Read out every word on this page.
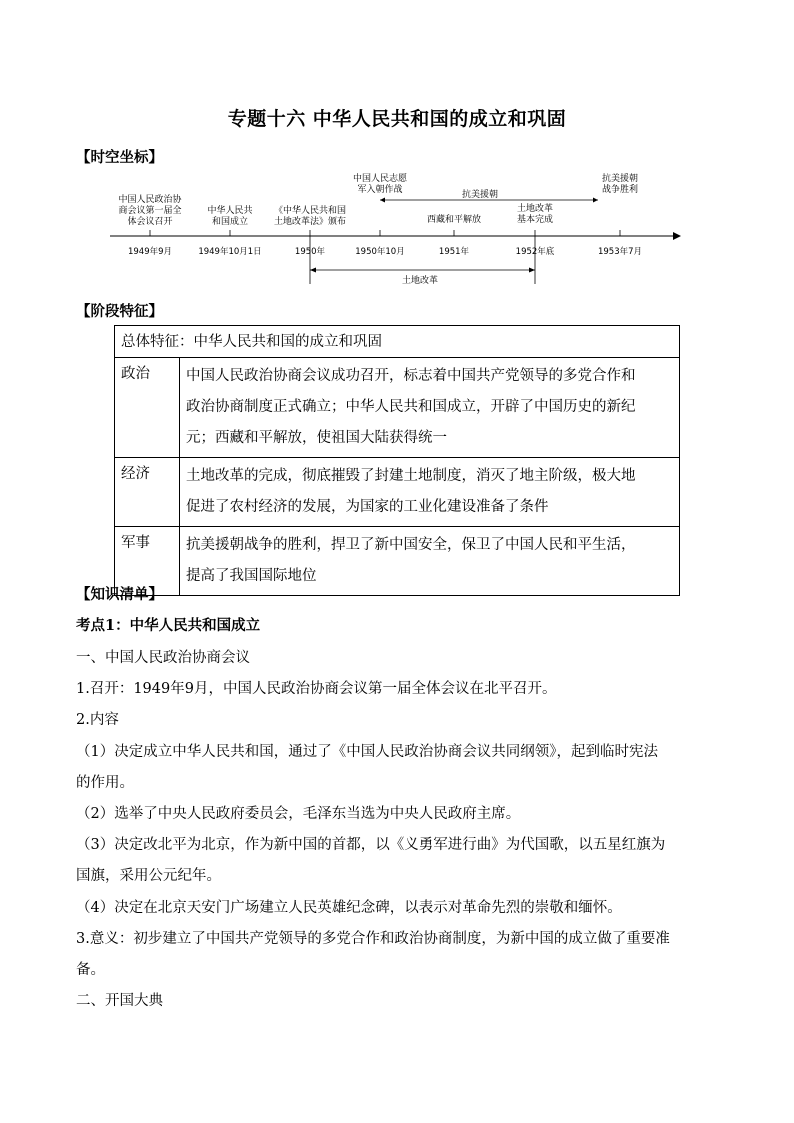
专题十六 中华人民共和国的成立和巩固
【时空坐标】
1949年9月
中国人民政治协
商会议第一届全
体会议召开
1949年10月1日
中华人民共
和国成立
1950年
《中华人民共和国
土地改革法》颁布
1950年10月
中国人民志愿
军入朝作战
1951年
西藏和平解放
1952年底
土地改革
基本完成
1953年7月
抗美援朝
战争胜利
抗美援朝
土地改革
【阶段特征】
总体特征：中华人民共和国的成立和巩固	
政治	中国人民政治协商会议成功召开，标志着中国共产党领导的多党合作和
政治协商制度正式确立；中华人民共和国成立，开辟了中国历史的新纪
元；西藏和平解放，使祖国大陆获得统一

经济	土地改革的完成，彻底摧毁了封建土地制度，消灭了地主阶级，极大地
促进了农村经济的发展，为国家的工业化建设准备了条件

军事	抗美援朝战争的胜利，捍卫了新中国安全，保卫了中国人民和平生活，
提高了我国国际地位
【知识清单】
考点1：中华人民共和国成立
一、中国人民政治协商会议
1.召开：1949年9月，中国人民政治协商会议第一届全体会议在北平召开。
2.内容
（1）决定成立中华人民共和国，通过了《中国人民政治协商会议共同纲领》，起到临时宪法
的作用。
（2）选举了中央人民政府委员会，毛泽东当选为中央人民政府主席。
（3）决定改北平为北京，作为新中国的首都，以《义勇军进行曲》为代国歌，以五星红旗为
国旗，采用公元纪年。
（4）决定在北京天安门广场建立人民英雄纪念碑，以表示对革命先烈的崇敬和缅怀。
3.意义：初步建立了中国共产党领导的多党合作和政治协商制度，为新中国的成立做了重要准
备。
二、开国大典
